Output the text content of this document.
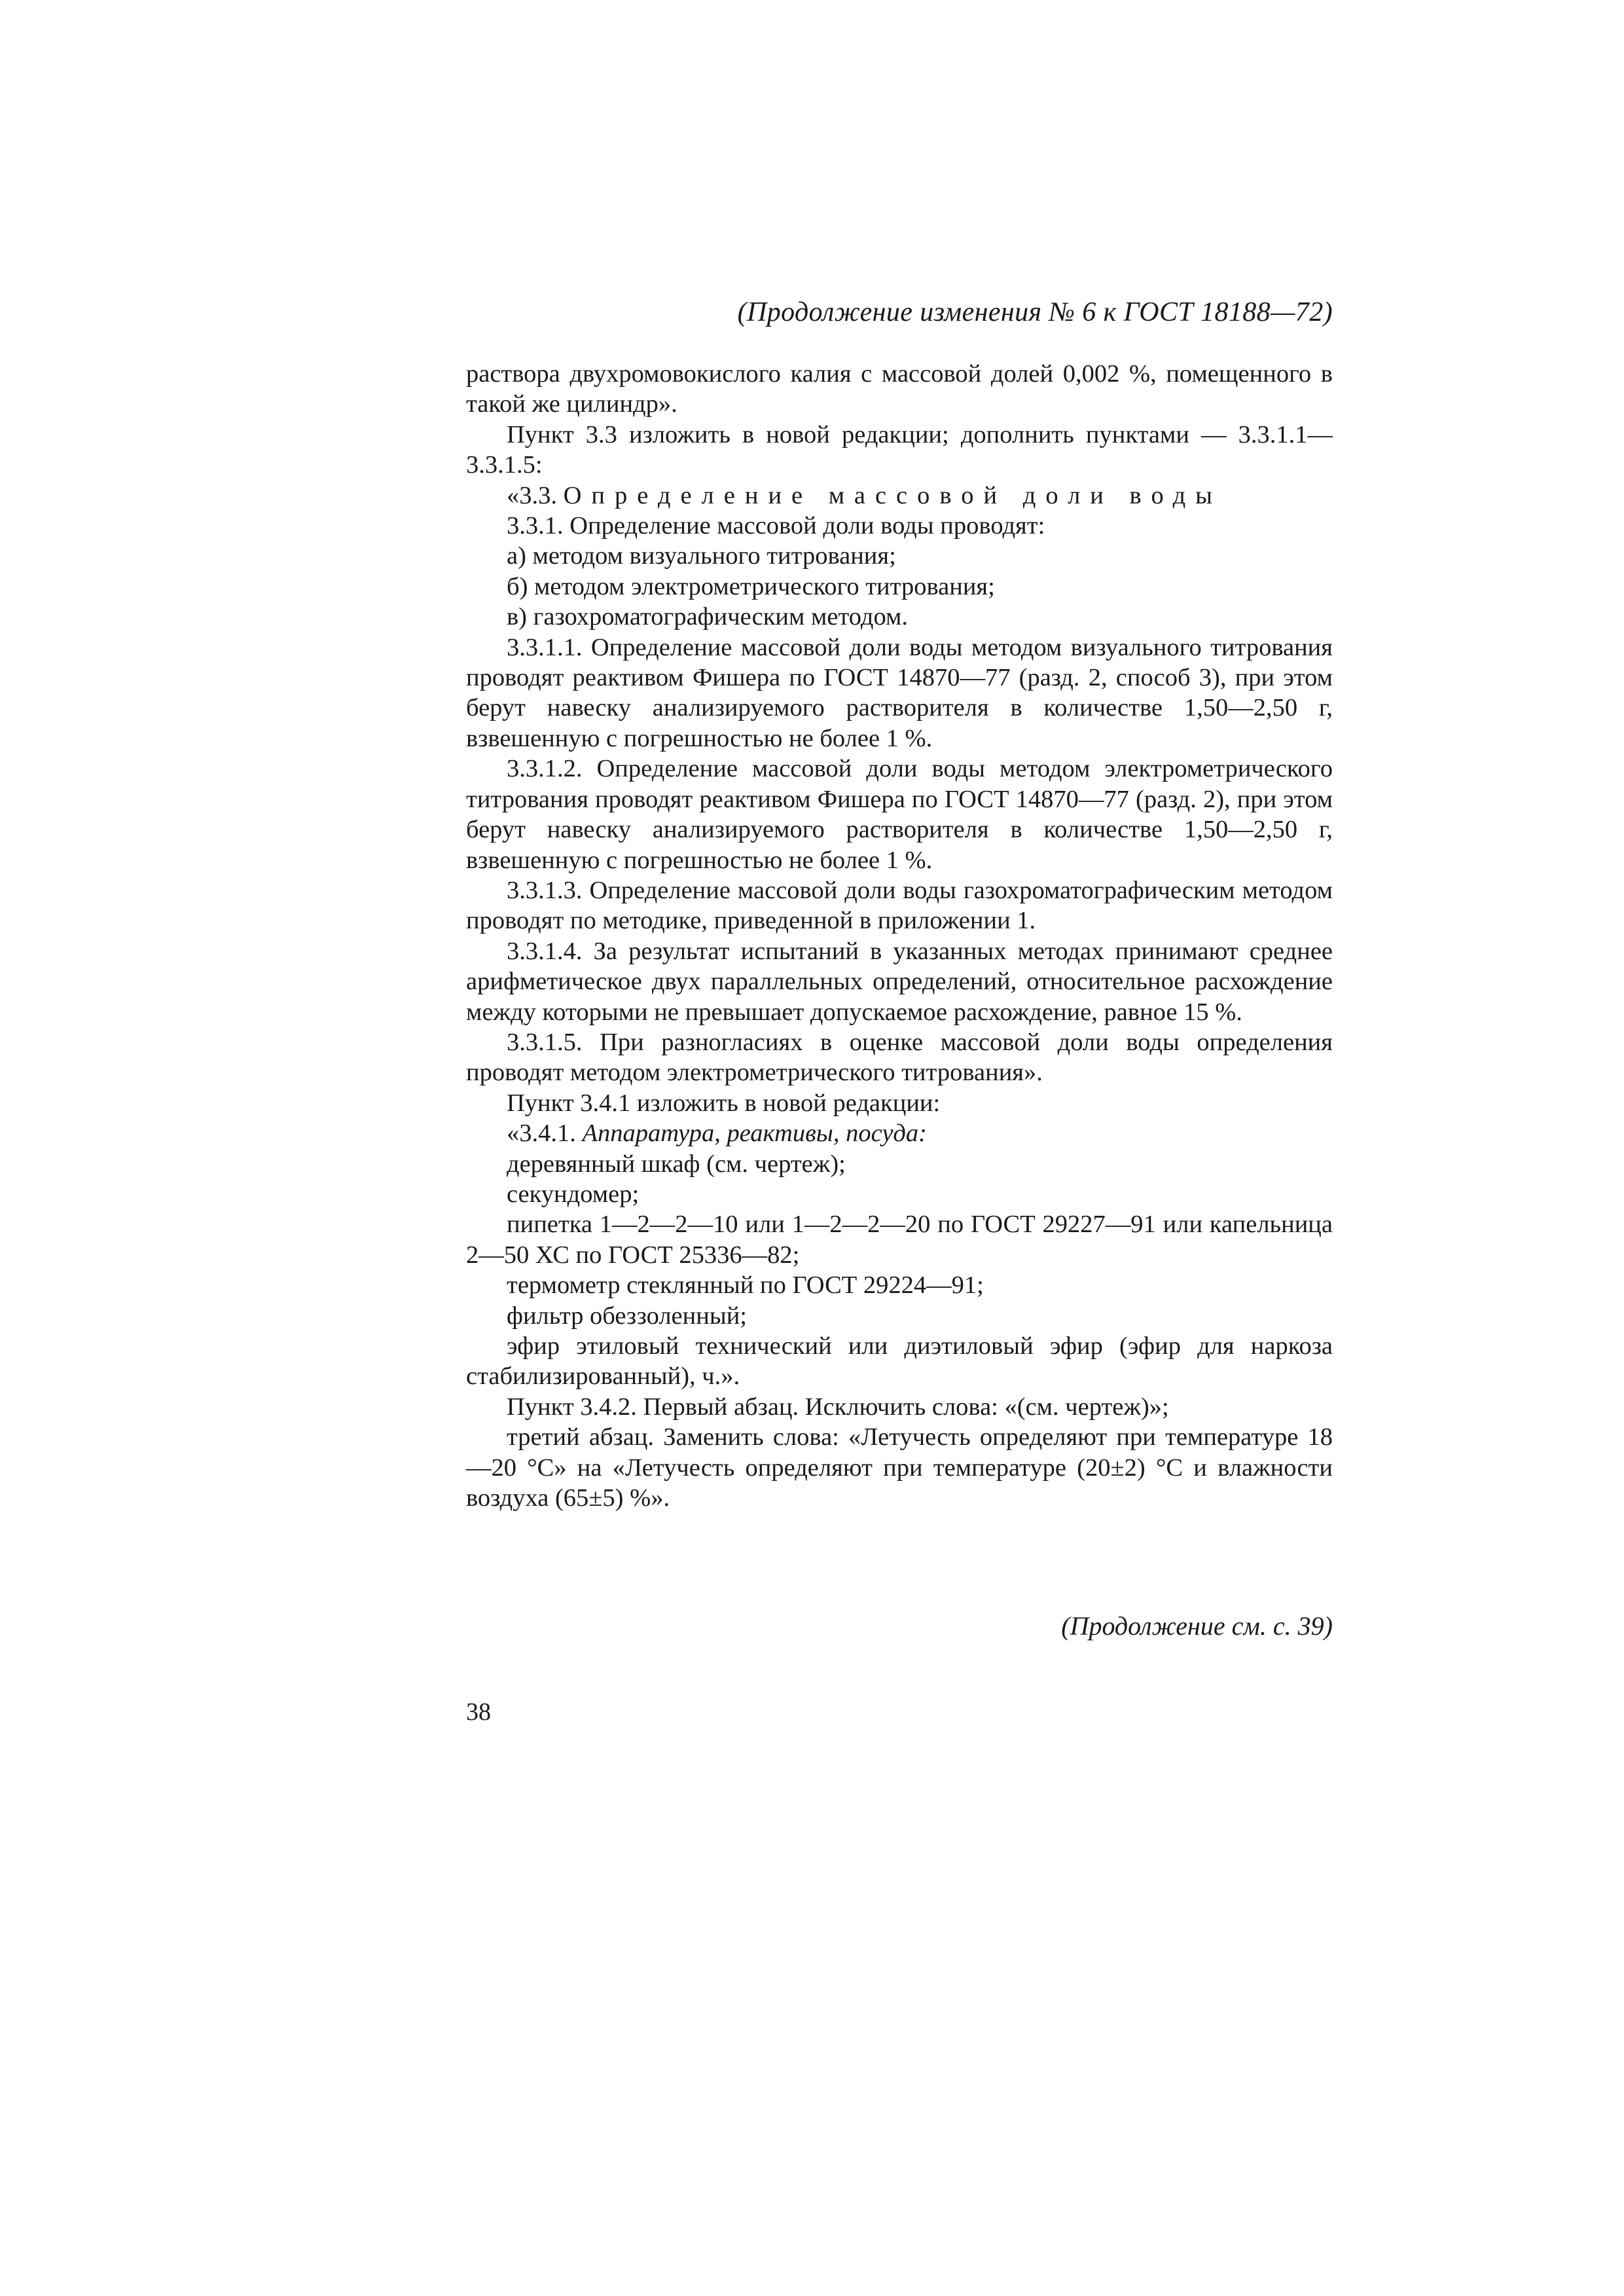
(Продолжение изменения № 6 к ГОСТ 18188—72)

раствора двухромовокислого калия с массовой долей 0,002 %, помещенного в такой же цилиндр».

Пункт 3.3 изложить в новой редакции; дополнить пунктами — 3.3.1.1—3.3.1.5:

«3.3. Определение массовой доли воды

3.3.1. Определение массовой доли воды проводят:

а) методом визуального титрования;

б) методом электрометрического титрования;

в) газохроматографическим методом.

3.3.1.1. Определение массовой доли воды методом визуального титрования проводят реактивом Фишера по ГОСТ 14870—77 (разд. 2, способ 3), при этом берут навеску анализируемого растворителя в количестве 1,50—2,50 г, взвешенную с погрешностью не более 1 %.

3.3.1.2. Определение массовой доли воды методом электрометрического титрования проводят реактивом Фишера по ГОСТ 14870—77 (разд. 2), при этом берут навеску анализируемого растворителя в количестве 1,50—2,50 г, взвешенную с погрешностью не более 1 %.

3.3.1.3. Определение массовой доли воды газохроматографическим методом проводят по методике, приведенной в приложении 1.

3.3.1.4. За результат испытаний в указанных методах принимают среднее арифметическое двух параллельных определений, относительное расхождение между которыми не превышает допускаемое расхождение, равное 15 %.

3.3.1.5. При разногласиях в оценке массовой доли воды определения проводят методом электрометрического титрования».

Пункт 3.4.1 изложить в новой редакции:

«3.4.1. Аппаратура, реактивы, посуда:

деревянный шкаф (см. чертеж);

секундомер;

пипетка 1—2—2—10 или 1—2—2—20 по ГОСТ 29227—91 или капельница 2—50 ХС по ГОСТ 25336—82;

термометр стеклянный по ГОСТ 29224—91;

фильтр обеззоленный;

эфир этиловый технический или диэтиловый эфир (эфир для наркоза стабилизированный), ч.».

Пункт 3.4.2. Первый абзац. Исключить слова: «(см. чертеж)»;

третий абзац. Заменить слова: «Летучесть определяют при температуре 18—20 °С» на «Летучесть определяют при температуре (20±2) °С и влажности воздуха (65±5) %».

(Продолжение см. с. 39)
38
